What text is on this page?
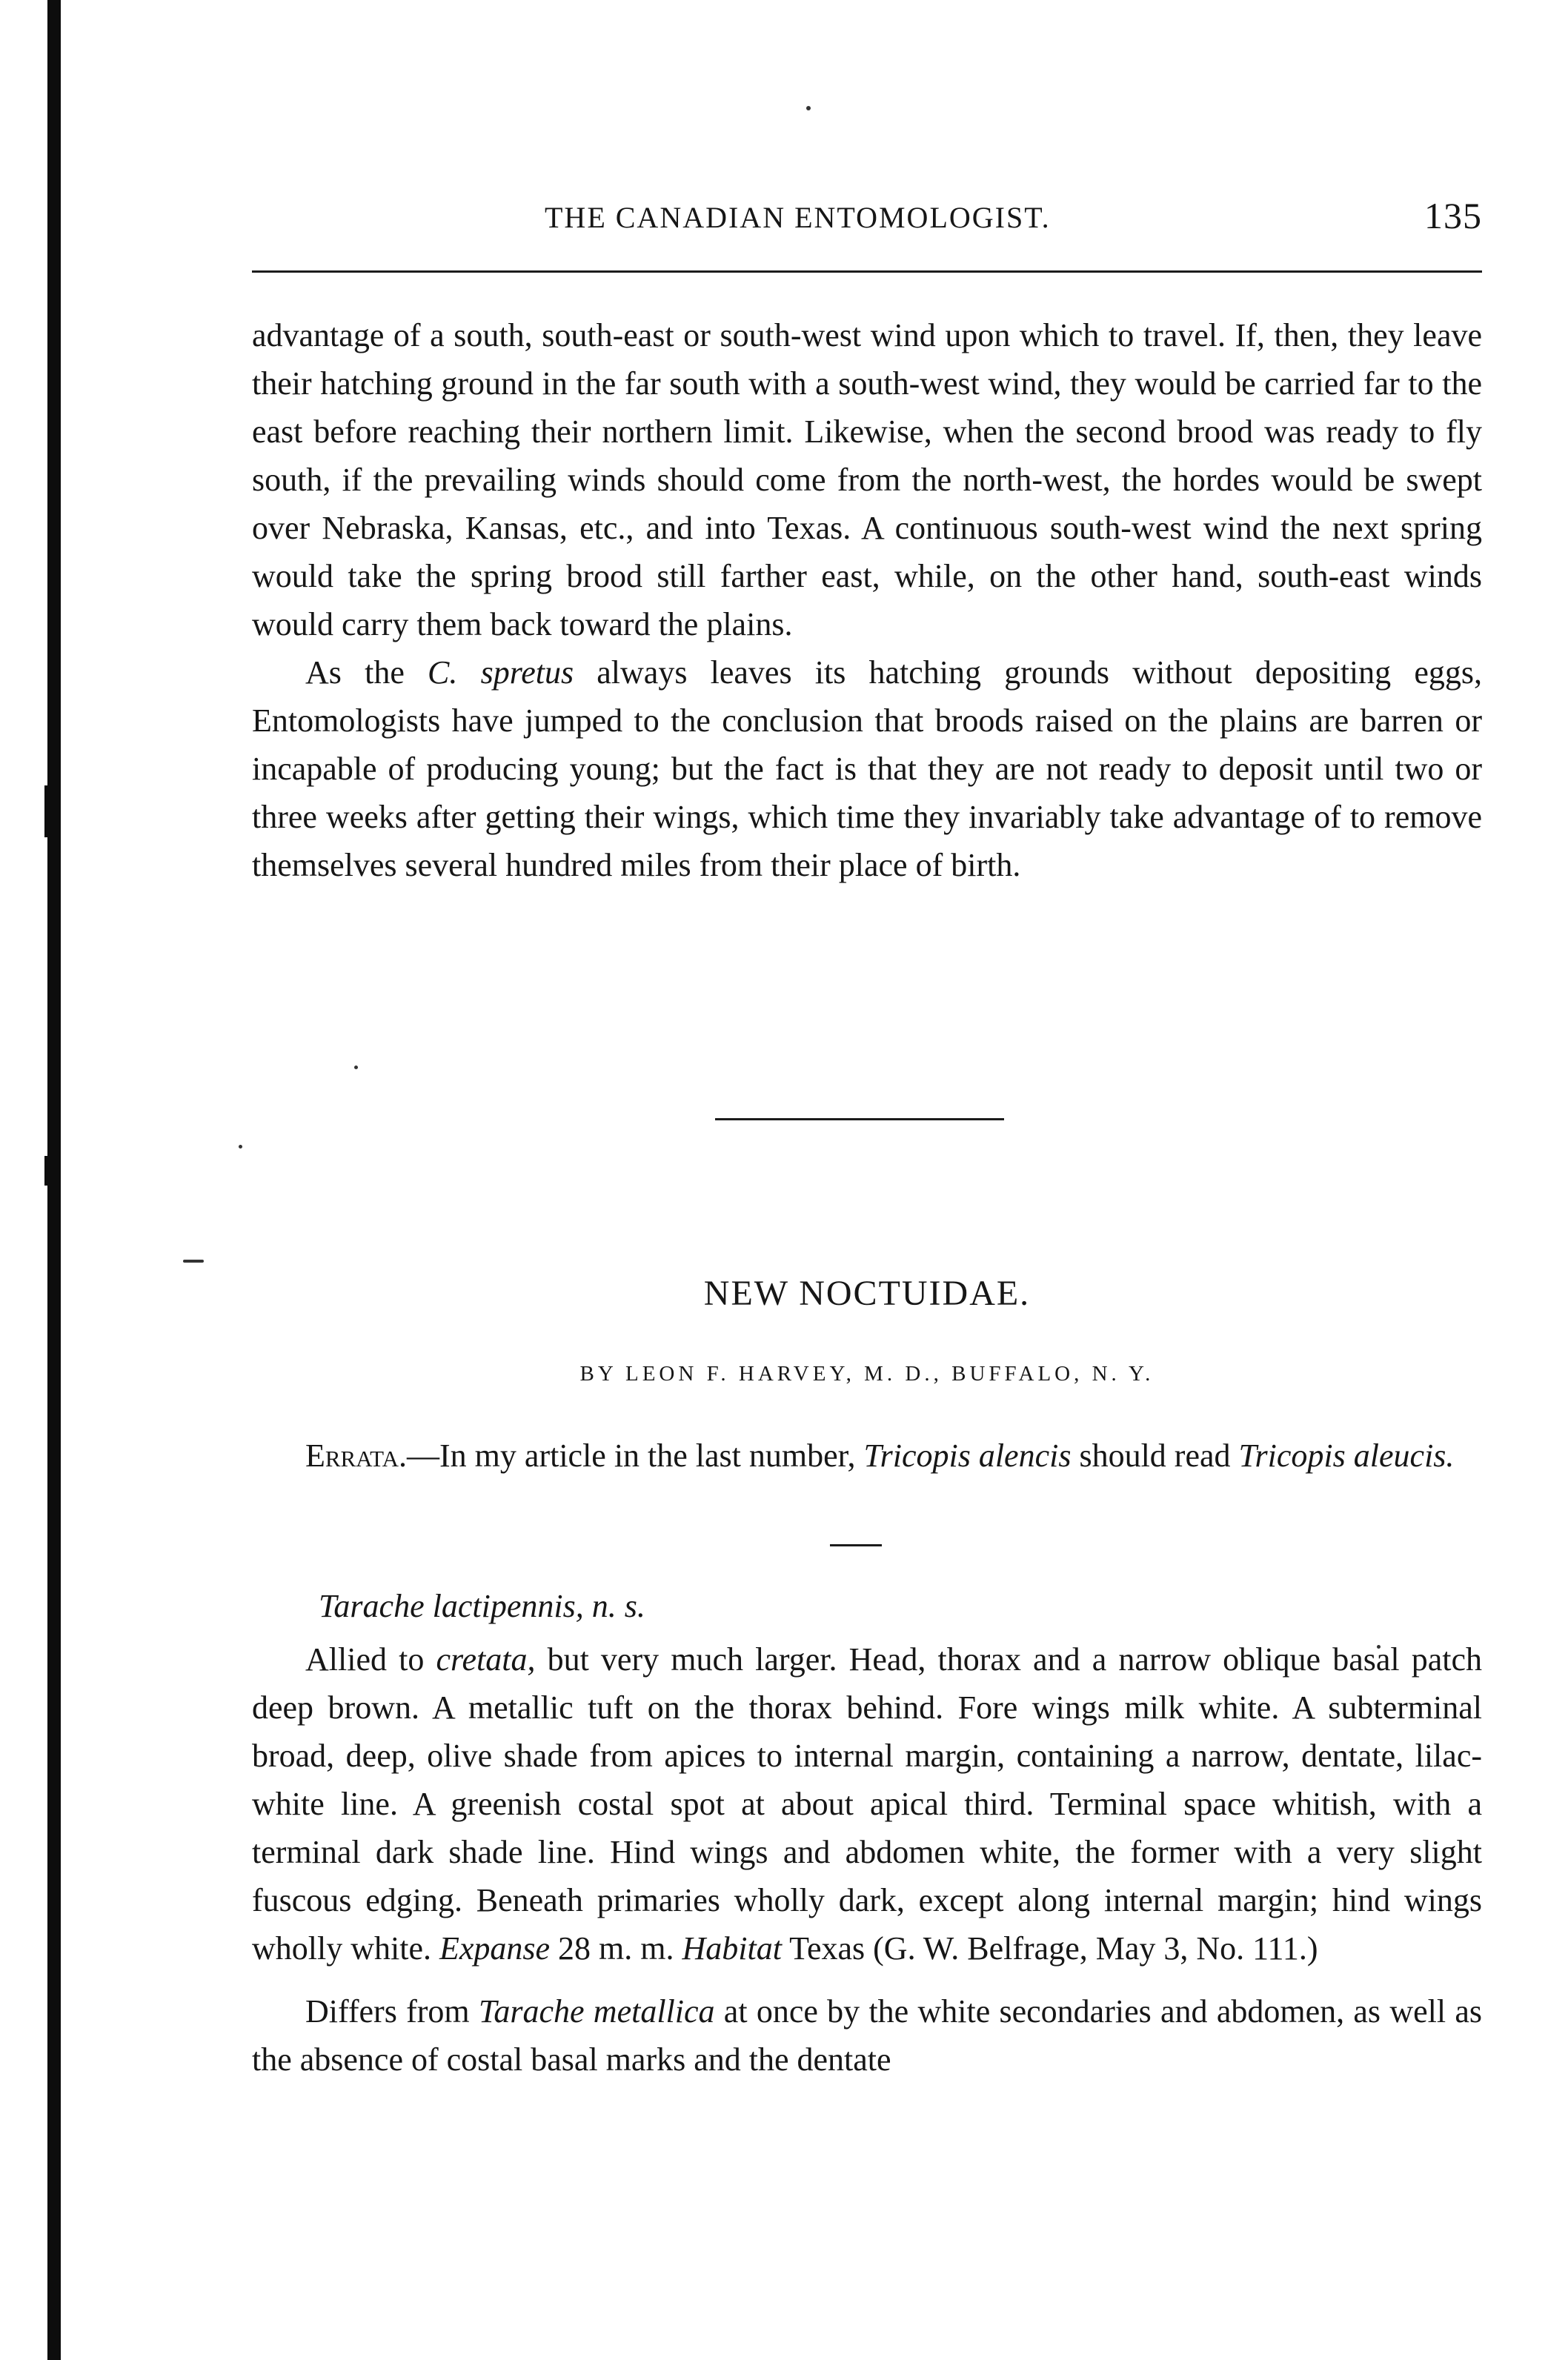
THE CANADIAN ENTOMOLOGIST.	135

advantage of a south, south-east or south-west wind upon which to travel. If, then, they leave their hatching ground in the far south with a south-west wind, they would be carried far to the east before reaching their northern limit. Likewise, when the second brood was ready to fly south, if the prevailing winds should come from the north-west, the hordes would be swept over Nebraska, Kansas, etc., and into Texas. A continuous south-west wind the next spring would take the spring brood still farther east, while, on the other hand, south-east winds would carry them back toward the plains.

As the C. spretus always leaves its hatching grounds without depositing eggs, Entomologists have jumped to the conclusion that broods raised on the plains are barren or incapable of producing young; but the fact is that they are not ready to deposit until two or three weeks after getting their wings, which time they invariably take advantage of to remove themselves several hundred miles from their place of birth.

NEW NOCTUIDAE.
BY LEON F. HARVEY, M. D., BUFFALO, N. Y.

Errata.—In my article in the last number, Tricopis alencis should read Tricopis aleucis.

Tarache lactipennis, n. s.

Allied to cretata, but very much larger. Head, thorax and a narrow oblique basal patch deep brown. A metallic tuft on the thorax behind. Fore wings milk white. A subterminal broad, deep, olive shade from apices to internal margin, containing a narrow, dentate, lilac-white line. A greenish costal spot at about apical third. Terminal space whitish, with a terminal dark shade line. Hind wings and abdomen white, the former with a very slight fuscous edging. Beneath primaries wholly dark, except along internal margin; hind wings wholly white. Expanse 28 m. m. Habitat Texas (G. W. Belfrage, May 3, No. 111.)

Differs from Tarache metallica at once by the white secondaries and abdomen, as well as the absence of costal basal marks and the dentate
